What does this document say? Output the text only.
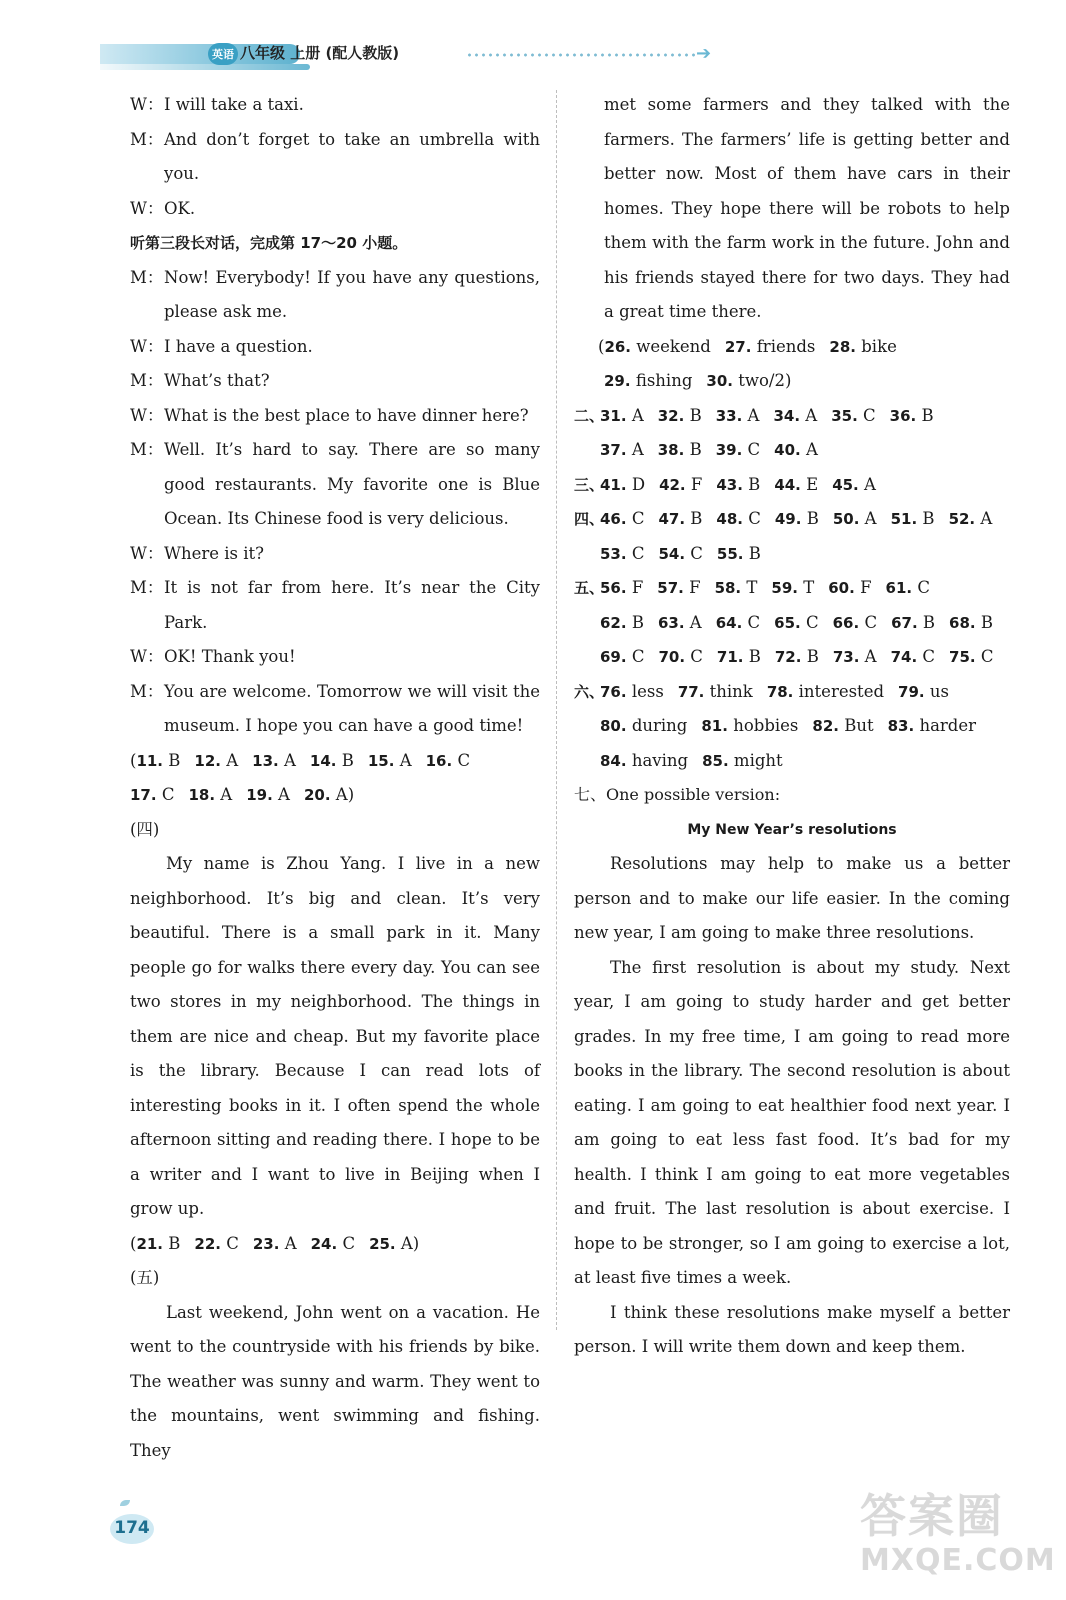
英语 八年级 上册 (配人教版)	➔
W：I will take a taxi.
M：And don’t forget to take an umbrella with you.
W：OK.
听第三段长对话，完成第 17～20 小题。
M：Now! Everybody! If you have any questions, please ask me.
W：I have a question.
M：What’s that?
W：What is the best place to have dinner here?
M：Well. It’s hard to say. There are so many good restaurants. My favorite one is Blue Ocean. Its Chinese food is very delicious.
W：Where is it?
M：It is not far from here. It’s near the City Park.
W：OK! Thank you!
M：You are welcome. Tomorrow we will visit the museum. I hope you can have a good time!
(11. B 12. A 13. A 14. B 15. A 16. C
17. C 18. A 19. A 20. A)
(四)
My name is Zhou Yang. I live in a new neighborhood. It’s big and clean. It’s very beautiful. There is a small park in it. Many people go for walks there every day. You can see two stores in my neighborhood. The things in them are nice and cheap. But my favorite place is the library. Because I can read lots of interesting books in it. I often spend the whole afternoon sitting and reading there. I hope to be a writer and I want to live in Beijing when I grow up.
(21. B 22. C 23. A 24. C 25. A)
(五)
Last weekend, John went on a vacation. He went to the countryside with his friends by bike. The weather was sunny and warm. They went to the mountains, went swimming and fishing. They
met some farmers and they talked with the farmers. The farmers’ life is getting better and better now. Most of them have cars in their homes. They hope there will be robots to help them with the farm work in the future. John and his friends stayed there for two days. They had a great time there.
(26. weekend 27. friends 28. bike
29. fishing 30. two/2)
二、31. A 32. B 33. A 34. A 35. C 36. B
37. A 38. B 39. C 40. A
三、41. D 42. F 43. B 44. E 45. A
四、46. C 47. B 48. C 49. B 50. A 51. B 52. A
53. C 54. C 55. B
五、56. F 57. F 58. T 59. T 60. F 61. C
62. B 63. A 64. C 65. C 66. C 67. B 68. B
69. C 70. C 71. B 72. B 73. A 74. C 75. C
六、76. less 77. think 78. interested 79. us
80. during 81. hobbies 82. But 83. harder
84. having 85. might
七、One possible version:
My New Year’s resolutions
Resolutions may help to make us a better person and to make our life easier. In the coming new year, I am going to make three resolutions.
The first resolution is about my study. Next year, I am going to study harder and get better grades. In my free time, I am going to read more books in the library. The second resolution is about eating. I am going to eat healthier food next year. I am going to eat less fast food. It’s bad for my health. I think I am going to eat more vegetables and fruit. The last resolution is about exercise. I hope to be stronger, so I am going to exercise a lot, at least five times a week.
I think these resolutions make myself a better person. I will write them down and keep them.
174	答案圈
MXQE.COM
